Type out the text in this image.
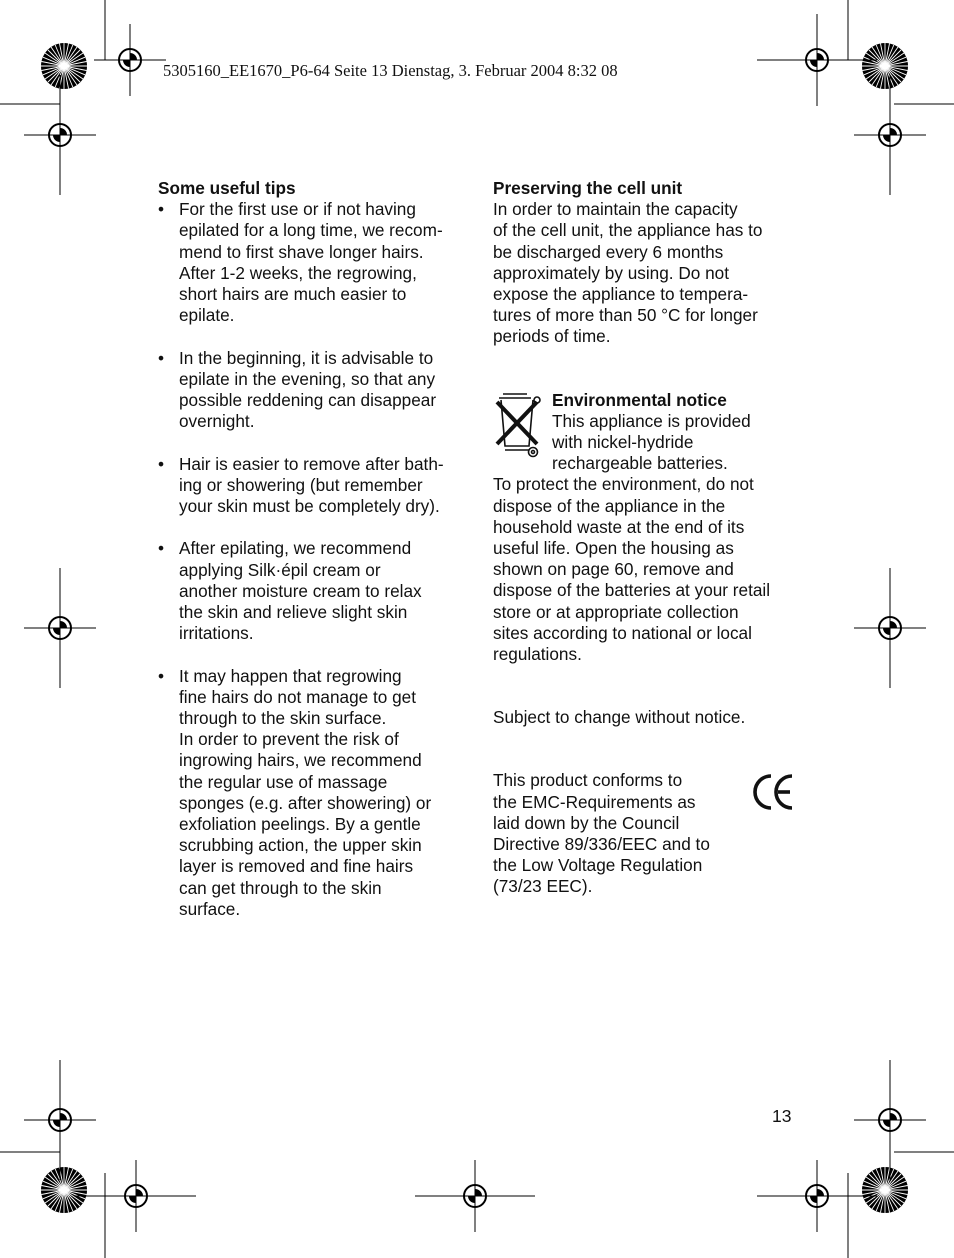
5305160_EE1670_P6-64 Seite 13 Dienstag, 3. Februar 2004 8:32 08
Some useful tips
• For the first use or if not having
epilated for a long time, we recom-
mend to first shave longer hairs.
After 1-2 weeks, the regrowing,
short hairs are much easier to
epilate.
• In the beginning, it is advisable to
epilate in the evening, so that any
possible reddening can disappear
overnight.
• Hair is easier to remove after bath-
ing or showering (but remember
your skin must be completely dry).
• After epilating, we recommend
applying Silk·épil cream or
another moisture cream to relax
the skin and relieve slight skin
irritations.
• It may happen that regrowing
fine hairs do not manage to get
through to the skin surface.
In order to prevent the risk of
ingrowing hairs, we recommend
the regular use of massage
sponges (e.g. after showering) or
exfoliation peelings. By a gentle
scrubbing action, the upper skin
layer is removed and fine hairs
can get through to the skin
surface.
Preserving the cell unit
In order to maintain the capacity
of the cell unit, the appliance has to
be discharged every 6 months
approximately by using. Do not
expose the appliance to tempera-
tures of more than 50 °C for longer
periods of time.
Environmental notice
This appliance is provided
with nickel-hydride
rechargeable batteries.
To protect the environment, do not
dispose of the appliance in the
household waste at the end of its
useful life. Open the housing as
shown on page 60, remove and
dispose of the batteries at your retail
store or at appropriate collection
sites according to national or local
regulations.
Subject to change without notice.
This product conforms to
the EMC-Requirements as
laid down by the Council
Directive 89/336/EEC and to
the Low Voltage Regulation
(73/23 EEC).
13
